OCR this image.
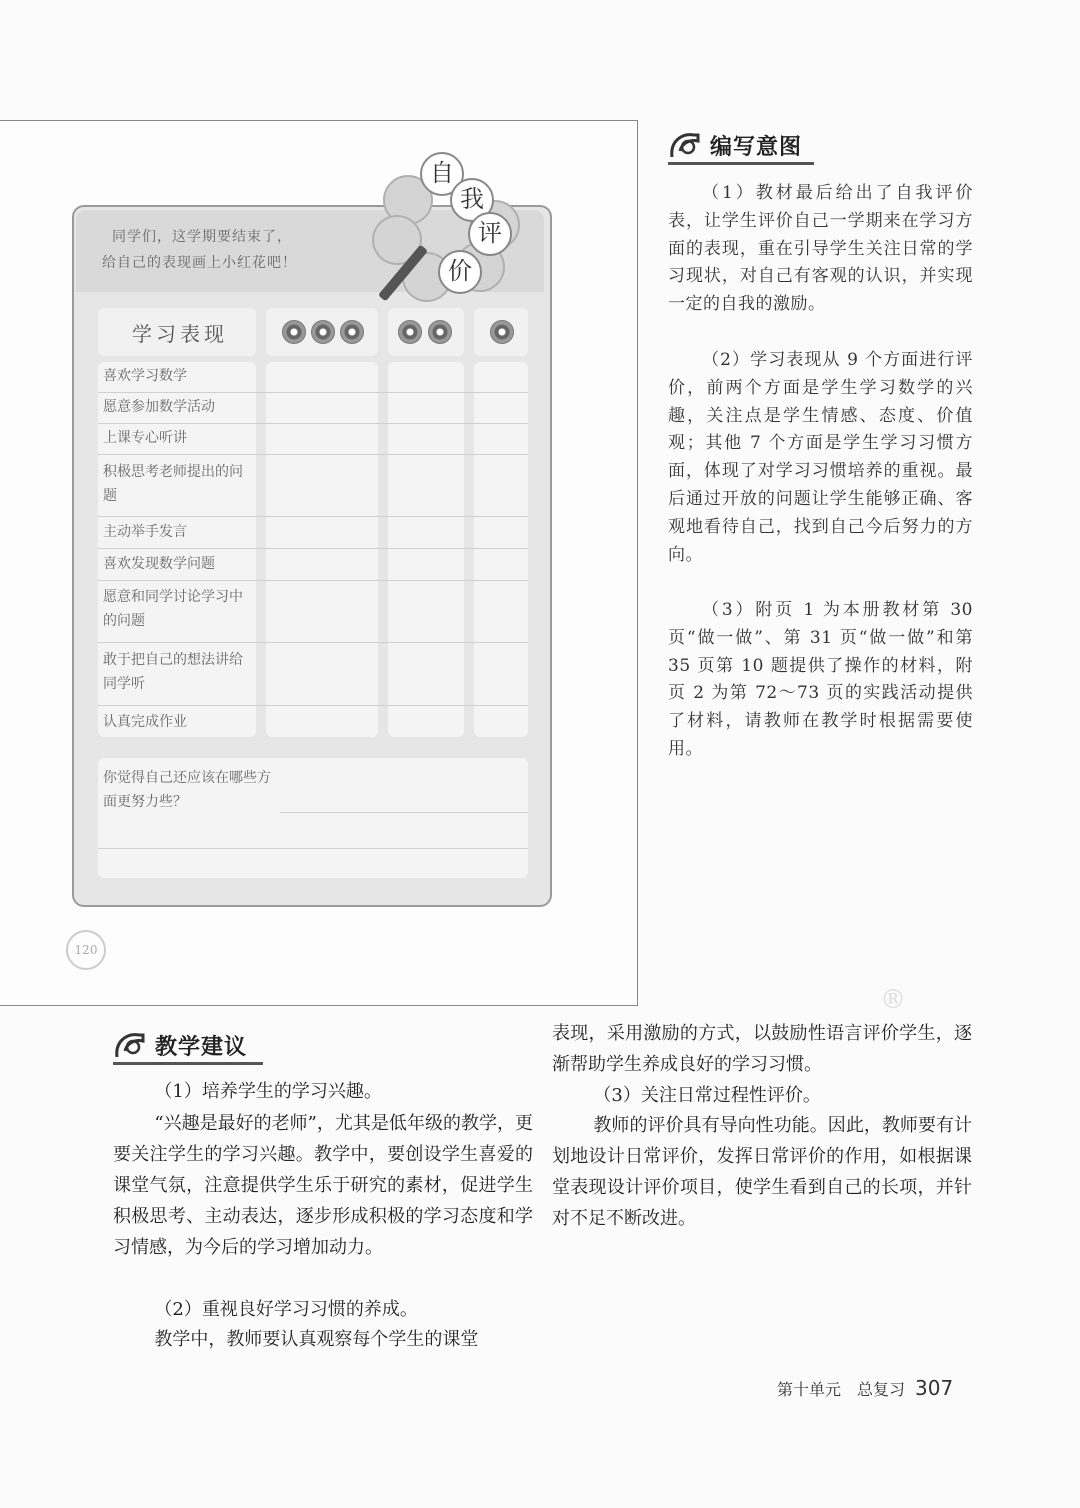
同学们，这学期要结束了，
给自己的表现画上小红花吧！
自
我
评
价
学习表现
喜欢学习数学
愿意参加数学活动
上课专心听讲
积极思考老师提出的问题
主动举手发言
喜欢发现数学问题
愿意和同学讨论学习中的问题
敢于把自己的想法讲给同学听
认真完成作业
你觉得自己还应该在哪些方面更努力些？
120
编写意图
（1）教材最后给出了自我评价表，让学生评价自己一学期来在学习方面的表现，重在引导学生关注日常的学习现状，对自己有客观的认识，并实现一定的自我的激励。
（2）学习表现从 9 个方面进行评价，前两个方面是学生学习数学的兴趣，关注点是学生情感、态度、价值观；其他 7 个方面是学生学习习惯方面，体现了对学习习惯培养的重视。最后通过开放的问题让学生能够正确、客观地看待自己，找到自己今后努力的方向。
（3）附页 1 为本册教材第 30 页“做一做”、第 31 页“做一做”和第 35 页第 10 题提供了操作的材料，附页 2 为第 72～73 页的实践活动提供了材料，请教师在教学时根据需要使用。
®
教学建议
（1）培养学生的学习兴趣。
“兴趣是最好的老师”，尤其是低年级的教学，更要关注学生的学习兴趣。教学中，要创设学生喜爱的课堂气氛，注意提供学生乐于研究的素材，促进学生积极思考、主动表达，逐步形成积极的学习态度和学习情感，为今后的学习增加动力。
（2）重视良好学习习惯的养成。
教学中，教师要认真观察每个学生的课堂
表现，采用激励的方式，以鼓励性语言评价学生，逐渐帮助学生养成良好的学习习惯。
（3）关注日常过程性评价。
教师的评价具有导向性功能。因此，教师要有计划地设计日常评价，发挥日常评价的作用，如根据课堂表现设计评价项目，使学生看到自己的长项，并针对不足不断改进。
第十单元　总复习 307
